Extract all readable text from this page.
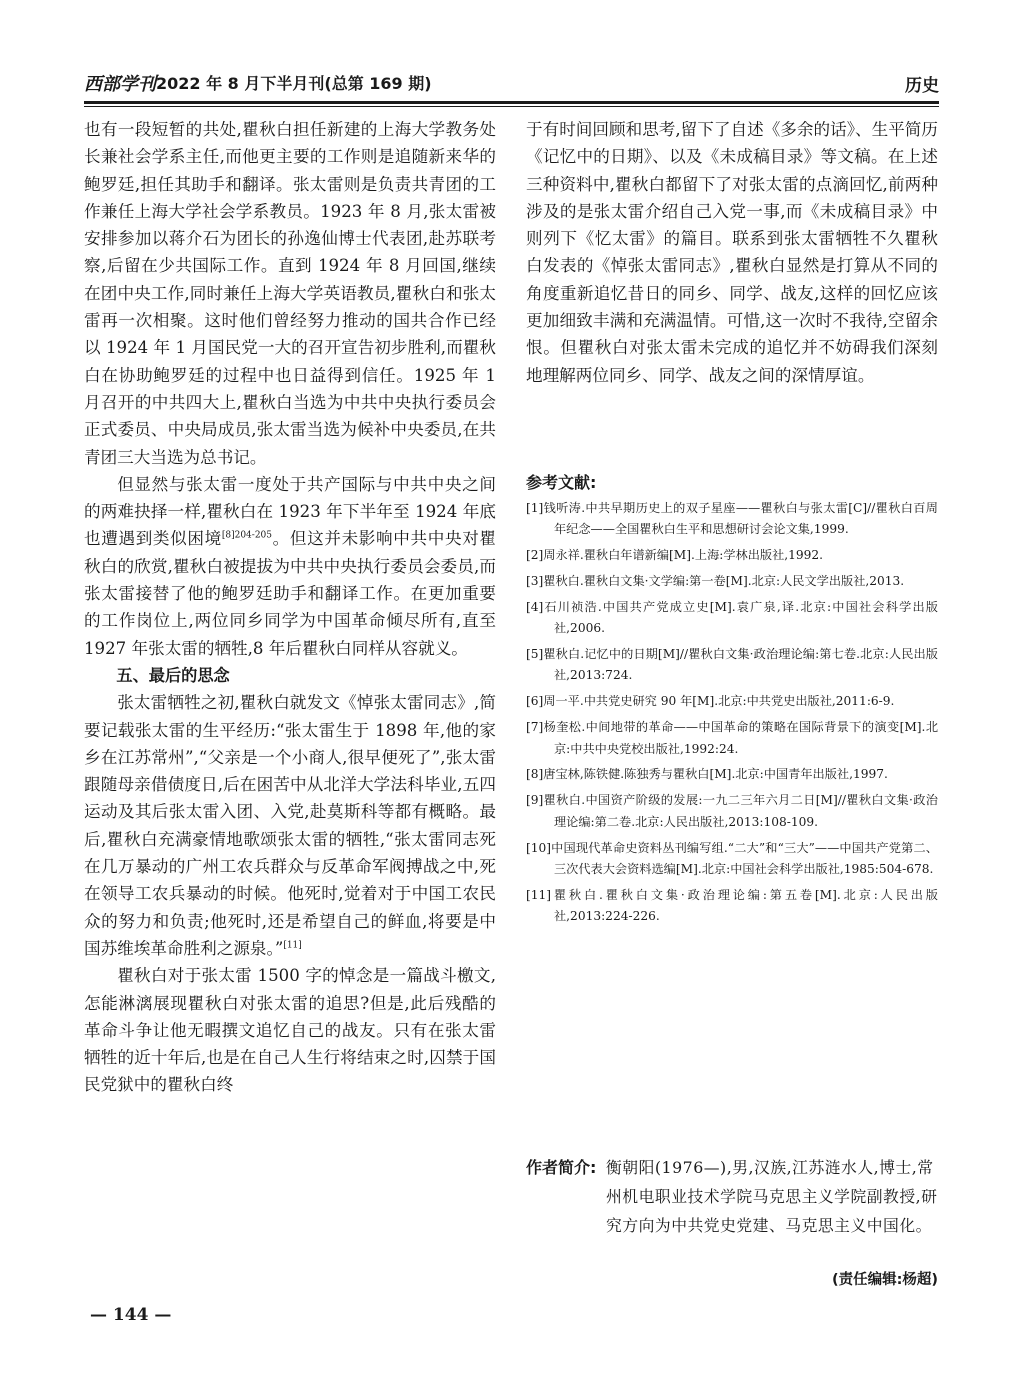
西部学刊 2022 年 8 月下半月刊(总第 169 期)	历史

也有一段短暂的共处,瞿秋白担任新建的上海大学教务处长兼社会学系主任,而他更主要的工作则是追随新来华的鲍罗廷,担任其助手和翻译。张太雷则是负责共青团的工作兼任上海大学社会学系教员。1923 年 8 月,张太雷被安排参加以蒋介石为团长的孙逸仙博士代表团,赴苏联考察,后留在少共国际工作。直到 1924 年 8 月回国,继续在团中央工作,同时兼任上海大学英语教员,瞿秋白和张太雷再一次相聚。这时他们曾经努力推动的国共合作已经以 1924 年 1 月国民党一大的召开宣告初步胜利,而瞿秋白在协助鲍罗廷的过程中也日益得到信任。1925 年 1 月召开的中共四大上,瞿秋白当选为中共中央执行委员会正式委员、中央局成员,张太雷当选为候补中央委员,在共青团三大当选为总书记。

但显然与张太雷一度处于共产国际与中共中央之间的两难抉择一样,瞿秋白在 1923 年下半年至 1924 年底也遭遇到类似困境$^{[8]204-205}$。但这并未影响中共中央对瞿秋白的欣赏,瞿秋白被提拔为中共中央执行委员会委员,而张太雷接替了他的鲍罗廷助手和翻译工作。在更加重要的工作岗位上,两位同乡同学为中国革命倾尽所有,直至 1927 年张太雷的牺牲,8 年后瞿秋白同样从容就义。

五、最后的思念

张太雷牺牲之初,瞿秋白就发文《悼张太雷同志》,简要记载张太雷的生平经历:“张太雷生于 1898 年,他的家乡在江苏常州”,“父亲是一个小商人,很早便死了”,张太雷跟随母亲借债度日,后在困苦中从北洋大学法科毕业,五四运动及其后张太雷入团、入党,赴莫斯科等都有概略。最后,瞿秋白充满豪情地歌颂张太雷的牺牲,“张太雷同志死在几万暴动的广州工农兵群众与反革命军阀搏战之中,死在领导工农兵暴动的时候。他死时,觉着对于中国工农民众的努力和负责;他死时,还是希望自己的鲜血,将要是中国苏维埃革命胜利之源泉。”[11]

瞿秋白对于张太雷 1500 字的悼念是一篇战斗檄文,怎能淋漓展现瞿秋白对张太雷的追思?但是,此后残酷的革命斗争让他无暇撰文追忆自己的战友。只有在张太雷牺牲的近十年后,也是在自己人生行将结束之时,囚禁于国民党狱中的瞿秋白终

于有时间回顾和思考,留下了自述《多余的话》、生平简历《记忆中的日期》、以及《未成稿目录》等文稿。在上述三种资料中,瞿秋白都留下了对张太雷的点滴回忆,前两种涉及的是张太雷介绍自己入党一事,而《未成稿目录》中则列下《忆太雷》的篇目。联系到张太雷牺牲不久瞿秋白发表的《悼张太雷同志》,瞿秋白显然是打算从不同的角度重新追忆昔日的同乡、同学、战友,这样的回忆应该更加细致丰满和充满温情。可惜,这一次时不我待,空留余恨。但瞿秋白对张太雷未完成的追忆并不妨碍我们深刻地理解两位同乡、同学、战友之间的深情厚谊。

参考文献:
[1]钱听涛.中共早期历史上的双子星座——瞿秋白与张太雷[C]//瞿秋白百周年纪念——全国瞿秋白生平和思想研讨会论文集,1999.
[2]周永祥.瞿秋白年谱新编[M].上海:学林出版社,1992.
[3]瞿秋白.瞿秋白文集·文学编:第一卷[M].北京:人民文学出版社,2013.
[4]石川祯浩.中国共产党成立史[M].袁广泉,译.北京:中国社会科学出版社,2006.
[5]瞿秋白.记忆中的日期[M]//瞿秋白文集·政治理论编:第七卷.北京:人民出版社,2013:724.
[6]周一平.中共党史研究 90 年[M].北京:中共党史出版社,2011:6-9.
[7]杨奎松.中间地带的革命——中国革命的策略在国际背景下的演变[M].北京:中共中央党校出版社,1992:24.
[8]唐宝林,陈铁健.陈独秀与瞿秋白[M].北京:中国青年出版社,1997.
[9]瞿秋白.中国资产阶级的发展:一九二三年六月二日[M]//瞿秋白文集·政治理论编:第二卷.北京:人民出版社,2013:108-109.
[10]中国现代革命史资料丛刊编写组.“二大”和“三大”——中国共产党第二、三次代表大会资料选编[M].北京:中国社会科学出版社,1985:504-678.
[11]瞿秋白.瞿秋白文集·政治理论编:第五卷[M].北京:人民出版社,2013:224-226.
作者简介: 衡朝阳(1976—),男,汉族,江苏涟水人,博士,常州机电职业技术学院马克思主义学院副教授,研究方向为中共党史党建、马克思主义中国化。
(责任编辑:杨超)
— 144 —
